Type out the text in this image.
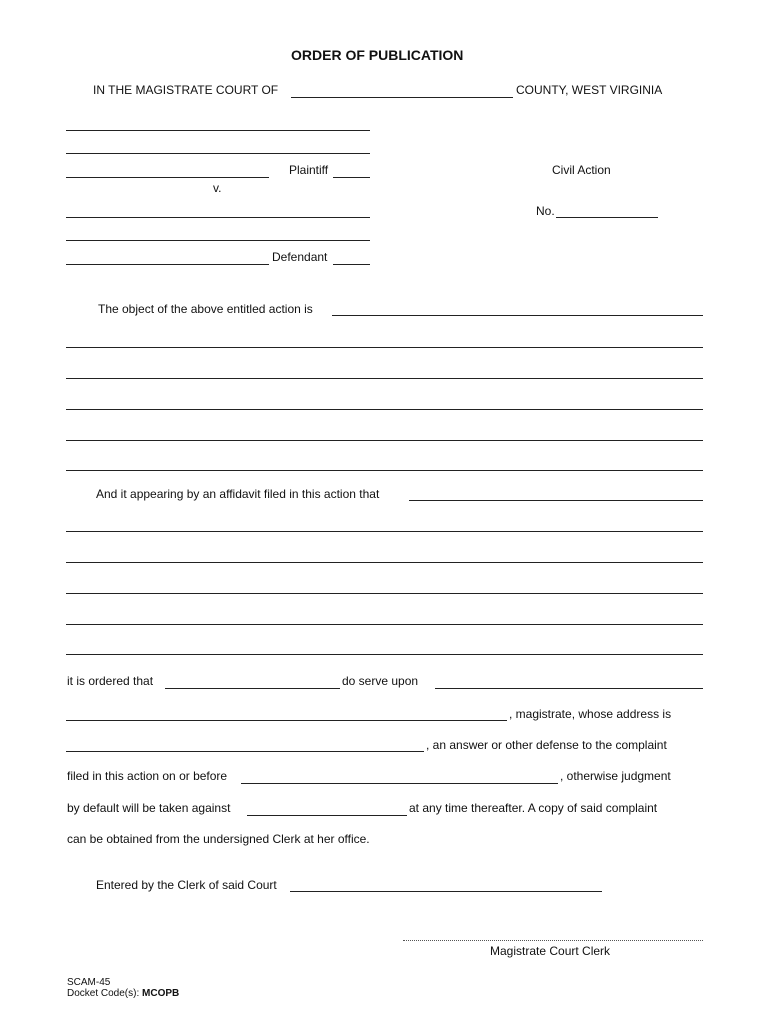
ORDER OF PUBLICATION
IN THE MAGISTRATE COURT OF	COUNTY, WEST VIRGINIA
Plaintiff	Civil Action
v.
No.
Defendant
The object of the above entitled action is
And it appearing by an affidavit filed in this action that
it is ordered that	do serve upon
, magistrate, whose address is
, an answer or other defense to the complaint
filed in this action on or before	, otherwise judgment
by default will be taken against	at any time thereafter. A copy of said complaint
can be obtained from the undersigned Clerk at her office.
Entered by the Clerk of said Court
Magistrate Court Clerk
SCAM-45
Docket Code(s): MCOPB
